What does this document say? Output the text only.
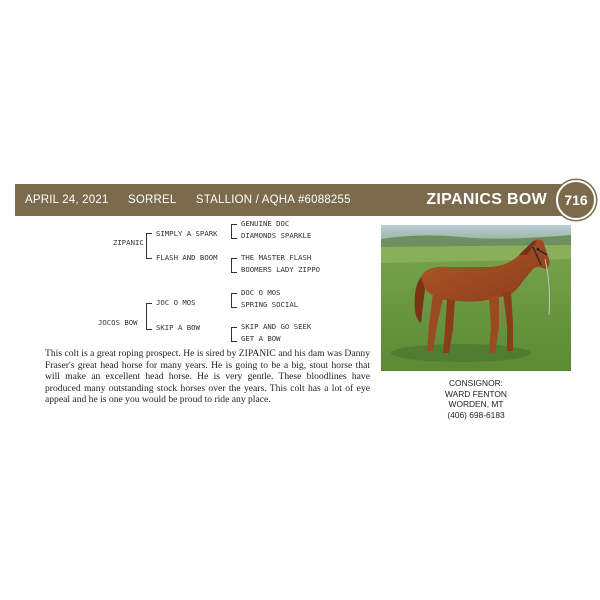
APRIL 24, 2021 SORREL STALLION / AQHA #6088255	ZIPANICS BOW	716
ZIPANIC
SIMPLY A SPARK
FLASH AND BOOM
GENUINE DOC
DIAMONDS SPARKLE
THE MASTER FLASH
BOOMERS LADY ZIPPO
JOCOS BOW
JOC O MOS
SKIP A BOW
DOC O MOS
SPRING SOCIAL
SKIP AND GO SEEK
GET A BOW
This colt is a great roping prospect. He is sired by ZIPANIC and his dam was Danny Fraser's great head horse for many years. He is going to be a big, stout horse that will make an excellent head horse. He is very gentle. These bloodlines have produced many outstanding stock horses over the years. This colt has a lot of eye appeal and he is one you would be proud to ride any place.
CONSIGNOR:
WARD FENTON
WORDEN, MT
(406) 698-6183
